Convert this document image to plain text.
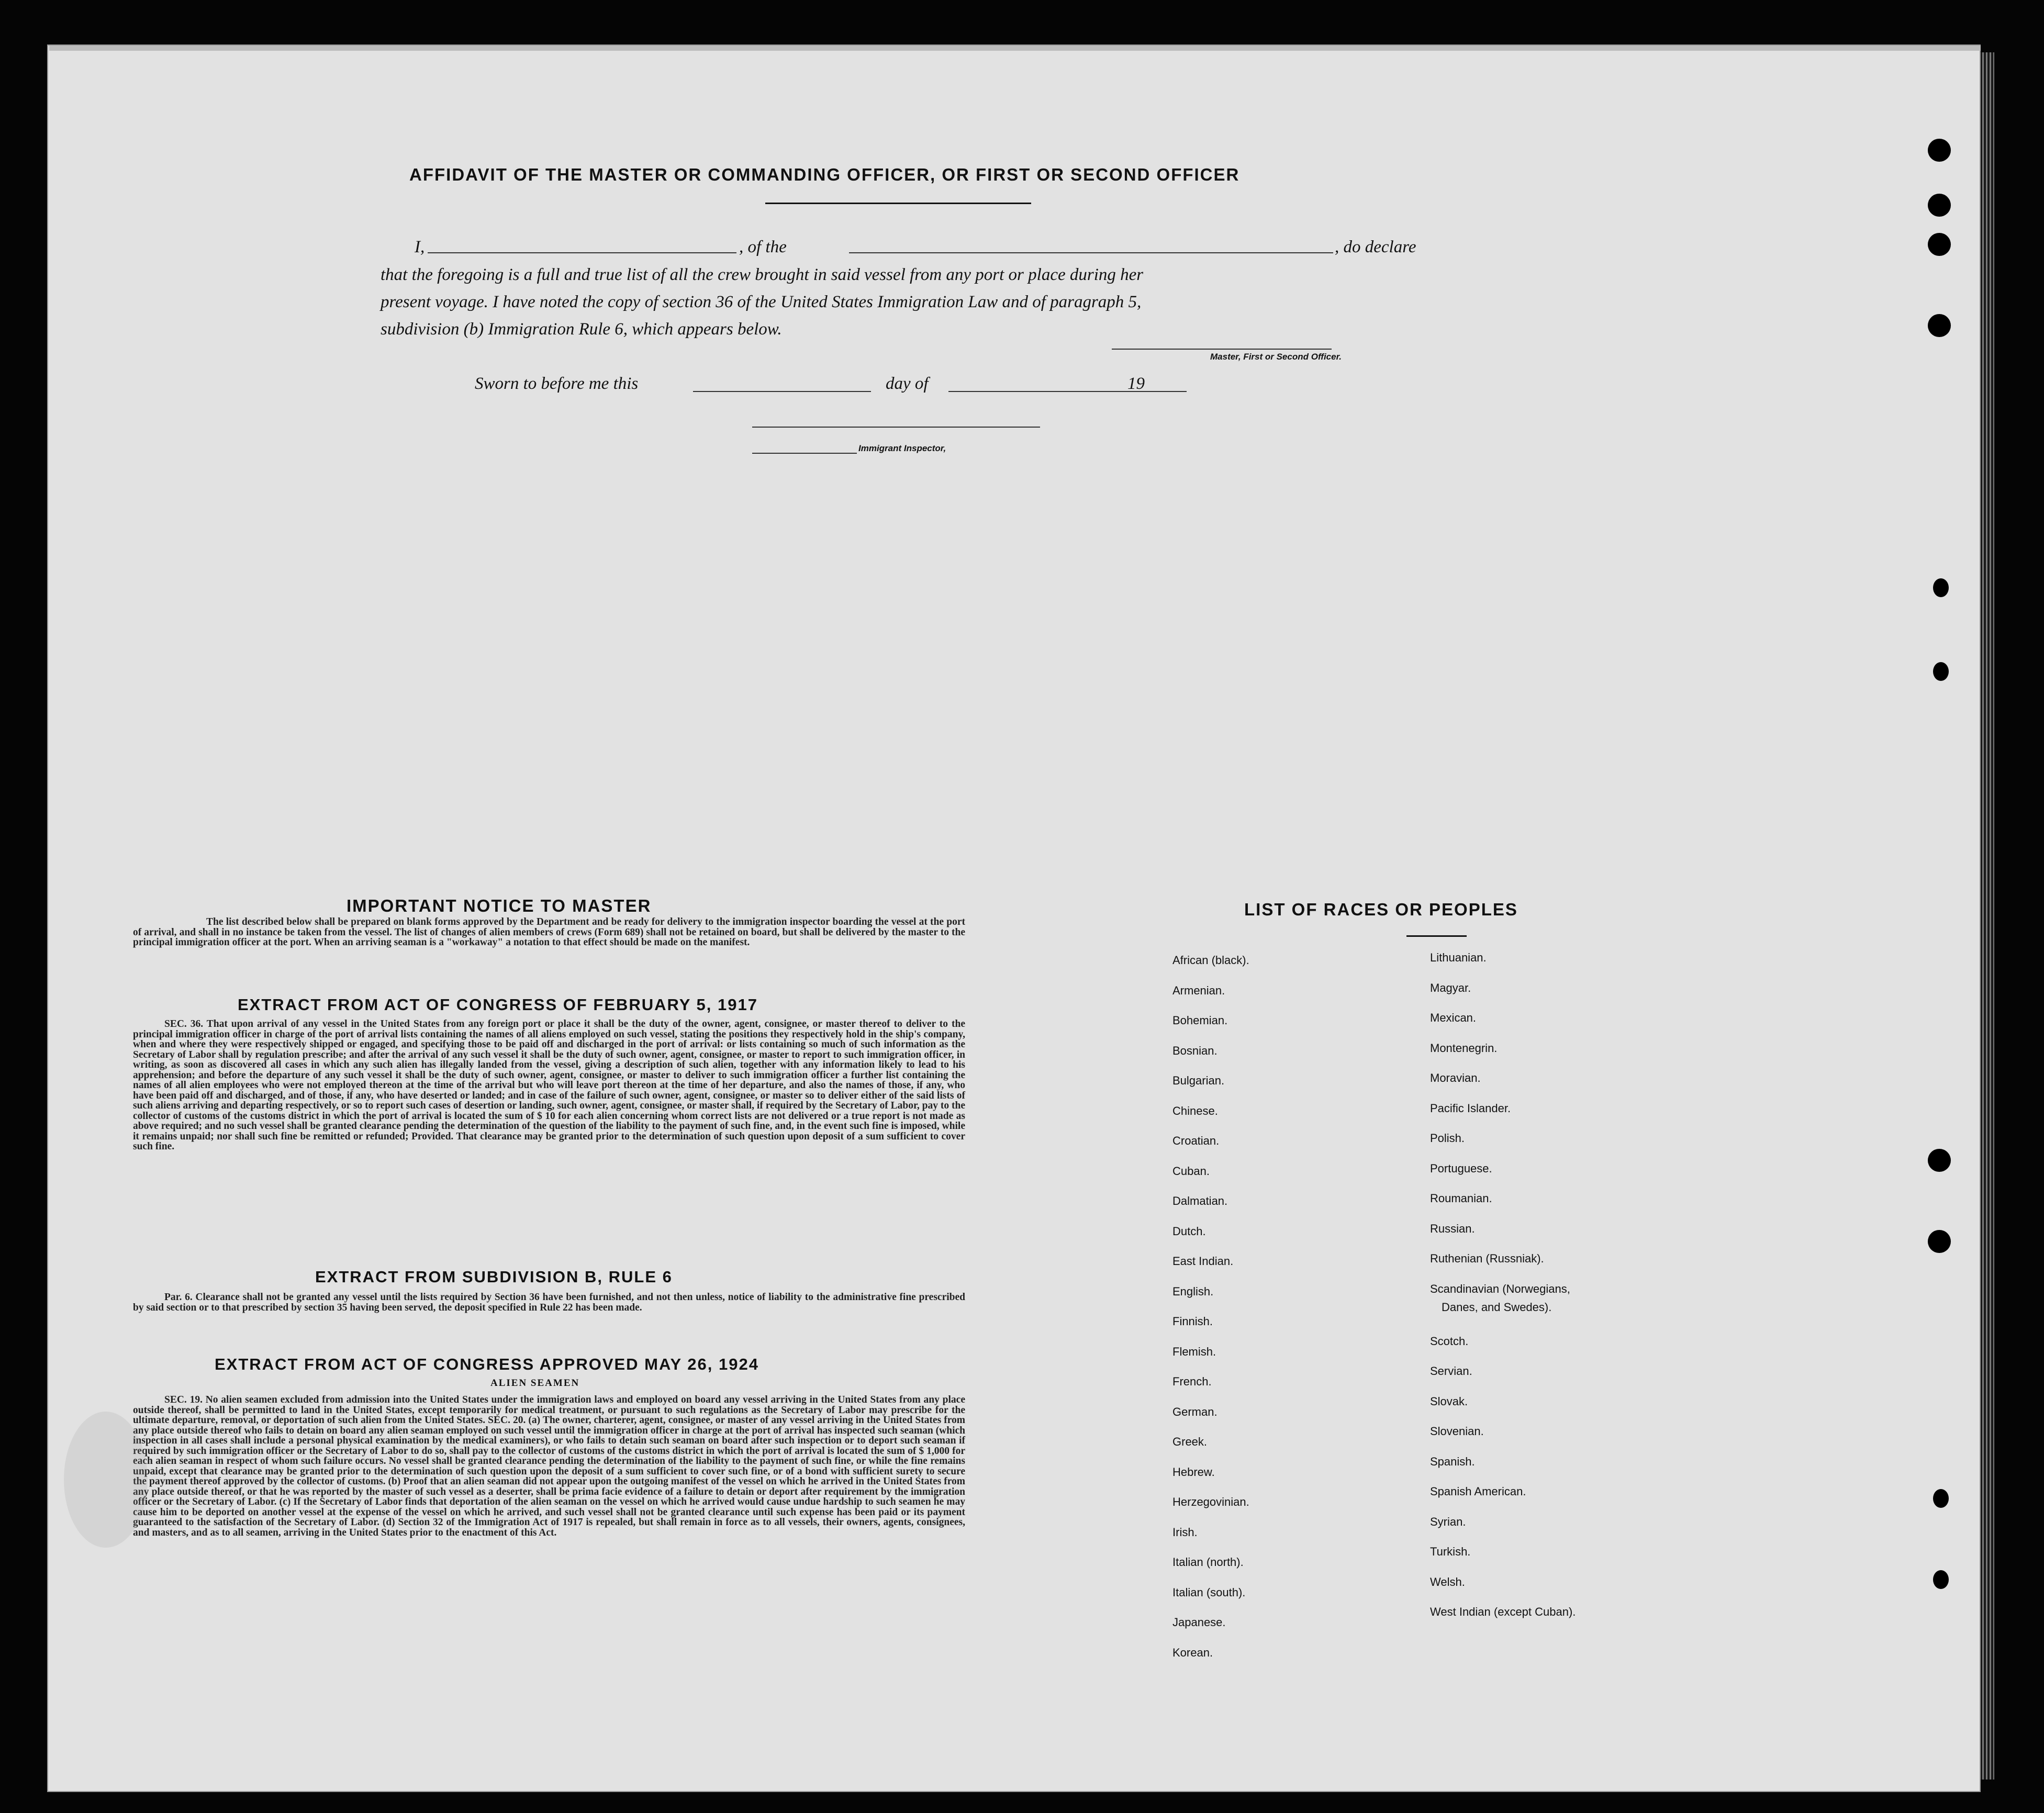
AFFIDAVIT OF THE MASTER OR COMMANDING OFFICER, OR FIRST OR SECOND OFFICER

I,	, of the	, do declare

that the foregoing is a full and true list of all the crew brought in said vessel from any port or place during her

present voyage. I have noted the copy of section 36 of the United States Immigration Law and of paragraph 5,

subdivision (b) Immigration Rule 6, which appears below.

Master, First or Second Officer.

Sworn to before me this	day of	19

Immigrant Inspector,
IMPORTANT NOTICE TO MASTER

The list described below shall be prepared on blank forms approved by the Department and be ready for delivery to the immigration inspector boarding the vessel at the port of arrival, and shall in no instance be taken from the vessel. The list of changes of alien members of crews (Form 689) shall not be retained on board, but shall be delivered by the master to the principal immigration officer at the port. When an arriving seaman is a "workaway" a notation to that effect should be made on the manifest.

EXTRACT FROM ACT OF CONGRESS OF FEBRUARY 5, 1917

SEC. 36. That upon arrival of any vessel in the United States from any foreign port or place it shall be the duty of the owner, agent, consignee, or master thereof to deliver to the principal immigration officer in charge of the port of arrival lists containing the names of all aliens employed on such vessel, stating the positions they respectively hold in the ship's company, when and where they were respectively shipped or engaged, and specifying those to be paid off and discharged in the port of arrival: or lists containing so much of such information as the Secretary of Labor shall by regulation prescribe; and after the arrival of any such vessel it shall be the duty of such owner, agent, consignee, or master to report to such immigration officer, in writing, as soon as discovered all cases in which any such alien has illegally landed from the vessel, giving a description of such alien, together with any information likely to lead to his apprehension; and before the departure of any such vessel it shall be the duty of such owner, agent, consignee, or master to deliver to such immigration officer a further list containing the names of all alien employees who were not employed thereon at the time of the arrival but who will leave port thereon at the time of her departure, and also the names of those, if any, who have been paid off and discharged, and of those, if any, who have deserted or landed; and in case of the failure of such owner, agent, consignee, or master so to deliver either of the said lists of such aliens arriving and departing respectively, or so to report such cases of desertion or landing, such owner, agent, consignee, or master shall, if required by the Secretary of Labor, pay to the collector of customs of the customs district in which the port of arrival is located the sum of $ 10 for each alien concerning whom correct lists are not delivered or a true report is not made as above required; and no such vessel shall be granted clearance pending the determination of the question of the liability to the payment of such fine, and, in the event such fine is imposed, while it remains unpaid; nor shall such fine be remitted or refunded; Provided. That clearance may be granted prior to the determination of such question upon deposit of a sum sufficient to cover such fine.

EXTRACT FROM SUBDIVISION B, RULE 6

Par. 6. Clearance shall not be granted any vessel until the lists required by Section 36 have been furnished, and not then unless, notice of liability to the administrative fine prescribed by said section or to that prescribed by section 35 having been served, the deposit specified in Rule 22 has been made.

EXTRACT FROM ACT OF CONGRESS APPROVED MAY 26, 1924
ALIEN SEAMEN

SEC. 19. No alien seamen excluded from admission into the United States under the immigration laws and employed on board any vessel arriving in the United States from any place outside thereof, shall be permitted to land in the United States, except temporarily for medical treatment, or pursuant to such regulations as the Secretary of Labor may prescribe for the ultimate departure, removal, or deportation of such alien from the United States. SEC. 20. (a) The owner, charterer, agent, consignee, or master of any vessel arriving in the United States from any place outside thereof who fails to detain on board any alien seaman employed on such vessel until the immigration officer in charge at the port of arrival has inspected such seaman (which inspection in all cases shall include a personal physical examination by the medical examiners), or who fails to detain such seaman on board after such inspection or to deport such seaman if required by such immigration officer or the Secretary of Labor to do so, shall pay to the collector of customs of the customs district in which the port of arrival is located the sum of $ 1,000 for each alien seaman in respect of whom such failure occurs. No vessel shall be granted clearance pending the determination of the liability to the payment of such fine, or while the fine remains unpaid, except that clearance may be granted prior to the determination of such question upon the deposit of a sum sufficient to cover such fine, or of a bond with sufficient surety to secure the payment thereof approved by the collector of customs. (b) Proof that an alien seaman did not appear upon the outgoing manifest of the vessel on which he arrived in the United States from any place outside thereof, or that he was reported by the master of such vessel as a deserter, shall be prima facie evidence of a failure to detain or deport after requirement by the immigration officer or the Secretary of Labor. (c) If the Secretary of Labor finds that deportation of the alien seaman on the vessel on which he arrived would cause undue hardship to such seamen he may cause him to be deported on another vessel at the expense of the vessel on which he arrived, and such vessel shall not be granted clearance until such expense has been paid or its payment guaranteed to the satisfaction of the Secretary of Labor. (d) Section 32 of the Immigration Act of 1917 is repealed, but shall remain in force as to all vessels, their owners, agents, consignees, and masters, and as to all seamen, arriving in the United States prior to the enactment of this Act.

LIST OF RACES OR PEOPLES
African (black).
Armenian.
Bohemian.
Bosnian.
Bulgarian.
Chinese.
Croatian.
Cuban.
Dalmatian.
Dutch.
East Indian.
English.
Finnish.
Flemish.
French.
German.
Greek.
Hebrew.
Herzegovinian.
Irish.
Italian (north).
Italian (south).
Japanese.
Korean.
Lithuanian.
Magyar.
Mexican.
Montenegrin.
Moravian.
Pacific Islander.
Polish.
Portuguese.
Roumanian.
Russian.
Ruthenian (Russniak).
Scandinavian (Norwegians,
Danes, and Swedes).
Scotch.
Servian.
Slovak.
Slovenian.
Spanish.
Spanish American.
Syrian.
Turkish.
Welsh.
West Indian (except Cuban).
